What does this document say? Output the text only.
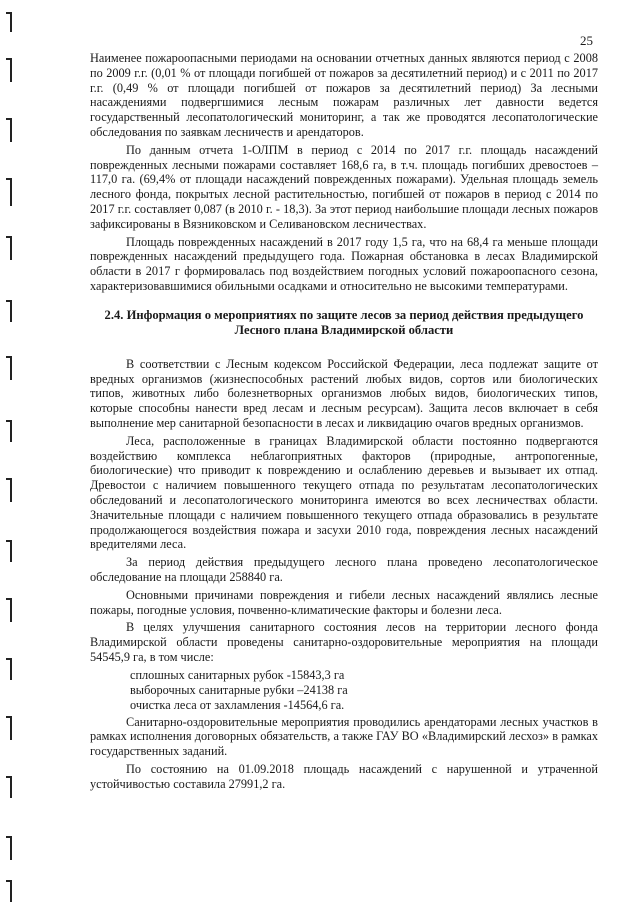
25

Наименее пожароопасными периодами на основании отчетных данных являются период с 2008 по 2009 г.г. (0,01 % от площади погибшей от пожаров за десятилетний период) и с 2011 по 2017 г.г. (0,49 % от площади погибшей от пожаров за десятилетний период) За лесными насаждениями подвергшимися лесным пожарам различных лет давности ведется государственный лесопатологический мониторинг, а так же проводятся лесопатологические обследования по заявкам лесничеств и арендаторов.

По данным отчета 1-ОЛПМ в период с 2014 по 2017 г.г. площадь насаждений поврежденных лесными пожарами составляет 168,6 га, в т.ч. площадь погибших древостоев – 117,0 га. (69,4% от площади насаждений поврежденных пожарами). Удельная площадь земель лесного фонда, покрытых лесной растительностью, погибшей от пожаров в период с 2014 по 2017 г.г. составляет 0,087 (в 2010 г. - 18,3). За этот период наибольшие площади лесных пожаров зафиксированы в Вязниковском и Селивановском лесничествах.

Площадь поврежденных насаждений в 2017 году 1,5 га, что на 68,4 га меньше площади поврежденных насаждений предыдущего года. Пожарная обстановка в лесах Владимирской области в 2017 г формировалась под воздействием погодных условий пожароопасного сезона, характеризовавшимися обильными осадками и относительно не высокими температурами.

2.4. Информация о мероприятиях по защите лесов за период действия предыдущего Лесного плана Владимирской области

В соответствии с Лесным кодексом Российской Федерации, леса подлежат защите от вредных организмов (жизнеспособных растений любых видов, сортов или биологических типов, животных либо болезнетворных организмов любых видов, биологических типов, которые способны нанести вред лесам и лесным ресурсам). Защита лесов включает в себя выполнение мер санитарной безопасности в лесах и ликвидацию очагов вредных организмов.

Леса, расположенные в границах Владимирской области постоянно подвергаются воздействию комплекса неблагоприятных факторов (природные, антропогенные, биологические) что приводит к повреждению и ослаблению деревьев и вызывает их отпад. Древостои с наличием повышенного текущего отпада по результатам лесопатологических обследований и лесопатологического мониторинга имеются во всех лесничествах области. Значительные площади с наличием повышенного текущего отпада образовались в результате продолжающегося воздействия пожара и засухи 2010 года, повреждения лесных насаждений вредителями леса.

За период действия предыдущего лесного плана проведено лесопатологическое обследование на площади 258840 га.

Основными причинами повреждения и гибели лесных насаждений являлись лесные пожары, погодные условия, почвенно-климатические факторы и болезни леса.

В целях улучшения санитарного состояния лесов на территории лесного фонда Владимирской области проведены санитарно-оздоровительные мероприятия на площади 54545,9 га, в том числе:

сплошных санитарных рубок -15843,3 га
выборочных санитарные рубки –24138 га
очистка леса от захламления -14564,6 га.

Санитарно-оздоровительные мероприятия проводились арендаторами лесных участков в рамках исполнения договорных обязательств, а также ГАУ ВО «Владимирский лесхоз» в рамках государственных заданий.

По состоянию на 01.09.2018 площадь насаждений с нарушенной и утраченной устойчивостью составила 27991,2 га.
